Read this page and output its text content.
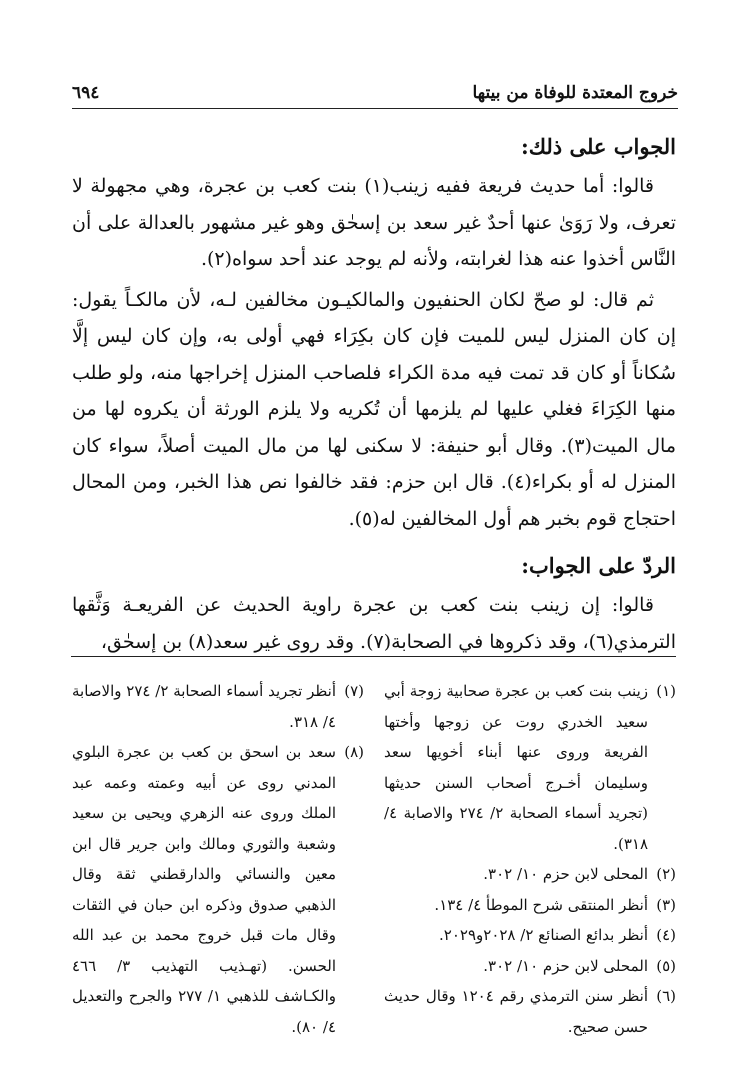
خروج المعتدة للوفاة من بيتها
٦٩٤
الجواب على ذلك:

قالوا: أما حديث فريعة ففيه زينب(١) بنت كعب بن عجرة، وهي مجهولة لا تعرف، ولا رَوَىٰ عنها أحدٌ غير سعد بن إسحٰق وهو غير مشهور بالعدالة على أن النَّاس أخذوا عنه هذا لغرابته، ولأنه لم يوجد عند أحد سواه(٢).

ثم قال: لو صحّ لكان الحنفيون والمالكيـون مخالفين لـه، لأن مالكـاً يقول: إن كان المنزل ليس للميت فإن كان بكِرَاء فهي أولى به، وإن كان ليس إلَّا سُكاناً أو كان قد تمت فيه مدة الكراء فلصاحب المنزل إخراجها منه، ولو طلب منها الكِرَاءَ فغلي عليها لم يلزمها أن تُكريه ولا يلزم الورثة أن يكروه لها من مال الميت(٣). وقال أبو حنيفة: لا سكنى لها من مال الميت أصلاً، سواء كان المنزل له أو بكراء(٤). قال ابن حزم: فقد خالفوا نص هذا الخبر، ومن المحال احتجاج قوم بخبر هم أول المخالفين له(٥).

الردّ على الجواب:

قالوا: إن زينب بنت كعب بن عجرة راوية الحديث عن الفريعـة وَثَّقها الترمذي(٦)، وقد ذكروها في الصحابة(٧). وقد روى غير سعد(٨) بن إسحٰق،

(١)
زينب بنت كعب بن عجرة صحابية زوجة أبي سعيد الخدري روت عن زوجها وأختها الفريعة وروى عنها أبناء أخويها سعد وسليمان أخـرج أصحاب السنن حديثها (تجريد أسماء الصحابة ٢/ ٢٧٤ والاصابة ٤/ ٣١٨).
(٢)
المحلى لابن حزم ١٠/ ٣٠٢.
(٣)
أنظر المنتقى شرح الموطأ ٤/ ١٣٤.
(٤)
أنظر بدائع الصنائع ٢/ ٢٠٢٨و٢٠٢٩.
(٥)
المحلى لابن حزم ١٠/ ٣٠٢.
(٦)
أنظر سنن الترمذي رقم ١٢٠٤ وقال حديث حسن صحيح.
(٧)
أنظر تجريد أسماء الصحابة ٢/ ٢٧٤ والاصابة ٤/ ٣١٨.
(٨)
سعد بن اسحق بن كعب بن عجرة البلوي المدني روى عن أبيه وعمته وعمه عبد الملك وروى عنه الزهري ويحيى بن سعيد وشعبة والثوري ومالك وابن جرير قال ابن معين والنسائي والدارقطني ثقة وقال الذهبي صدوق وذكره ابن حبان في الثقات وقال مات قبل خروج محمد بن عبد الله الحسن. (تهـذيب التهذيب ٣/ ٤٦٦ والكـاشف للذهبي ١/ ٢٧٧ والجرح والتعديل ٤/ ٨٠).
